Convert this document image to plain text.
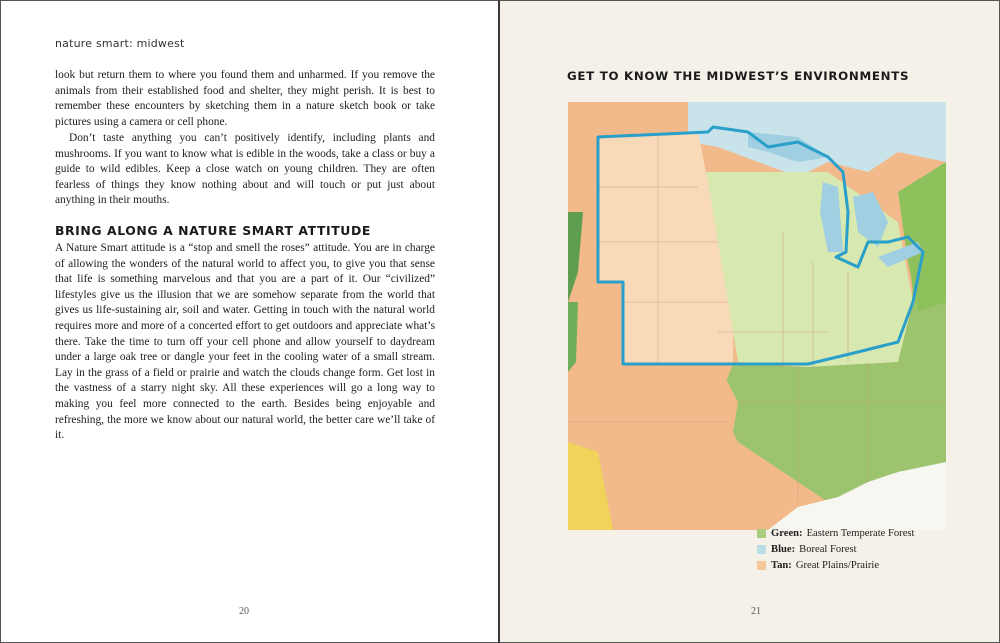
nature smart: midwest

look but return them to where you found them and unharmed. If you remove the animals from their established food and shelter, they might perish. It is best to remember these encounters by sketching them in a nature sketch book or take pictures using a camera or cell phone.

Don’t taste anything you can’t positively identify, including plants and mushrooms. If you want to know what is edible in the woods, take a class or buy a guide to wild edibles. Keep a close watch on young children. They are often fearless of things they know nothing about and will touch or put just about anything in their mouths.

BRING ALONG A NATURE SMART ATTITUDE

A Nature Smart attitude is a “stop and smell the roses” attitude. You are in charge of allowing the wonders of the natural world to affect you, to give you that sense that life is something marvelous and that you are a part of it. Our “civilized” lifestyles give us the illusion that we are somehow separate from the world that gives us life-sustaining air, soil and water. Getting in touch with the natural world requires more and more of a concerted effort to get outdoors and appreciate what’s there. Take the time to turn off your cell phone and allow yourself to daydream under a large oak tree or dangle your feet in the cooling water of a small stream. Lay in the grass of a field or prairie and watch the clouds change form. Get lost in the vastness of a starry night sky. All these experiences will go a long way to making you feel more connected to the earth. Besides being enjoyable and refreshing, the more we know about our natural world, the better care we’ll take of it.

20
GET TO KNOW THE MIDWEST’S ENVIRONMENTS
Green: Eastern Temperate Forest
Blue: Boreal Forest
Tan: Great Plains/Prairie
21
